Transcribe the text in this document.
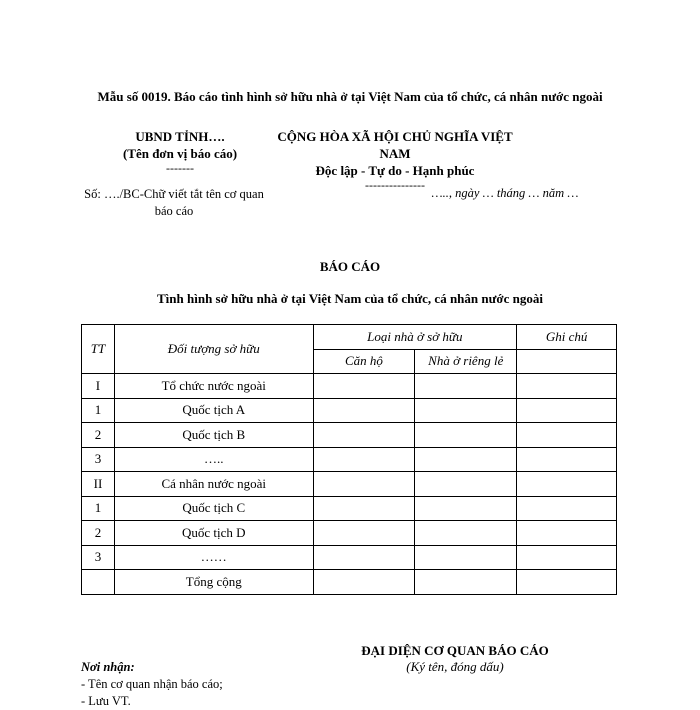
Mẫu số 0019. Báo cáo tình hình sở hữu nhà ở tại Việt Nam của tổ chức, cá nhân nước ngoài
UBND TỈNH….
(Tên đơn vị báo cáo)
-------
CỘNG HÒA XÃ HỘI CHỦ NGHĨA VIỆT NAM
Độc lập - Tự do - Hạnh phúc
---------------
Số: …./BC-Chữ viết tắt tên cơ quan báo cáo
….., ngày … tháng … năm …
BÁO CÁO
Tình hình sở hữu nhà ở tại Việt Nam của tổ chức, cá nhân nước ngoài
TT	Đối tượng sở hữu	Loại nhà ở sở hữu		Ghi chú
		Căn hộ	Nhà ở riêng lẻ	
I	Tổ chức nước ngoài			
1	Quốc tịch A			
2	Quốc tịch B			
3	…..			
II	Cá nhân nước ngoài			
1	Quốc tịch C			
2	Quốc tịch D			
3	……			
	Tổng cộng			
ĐẠI DIỆN CƠ QUAN BÁO CÁO
(Ký tên, đóng dấu)
Nơi nhận:
- Tên cơ quan nhận báo cáo;
- Lưu VT.
